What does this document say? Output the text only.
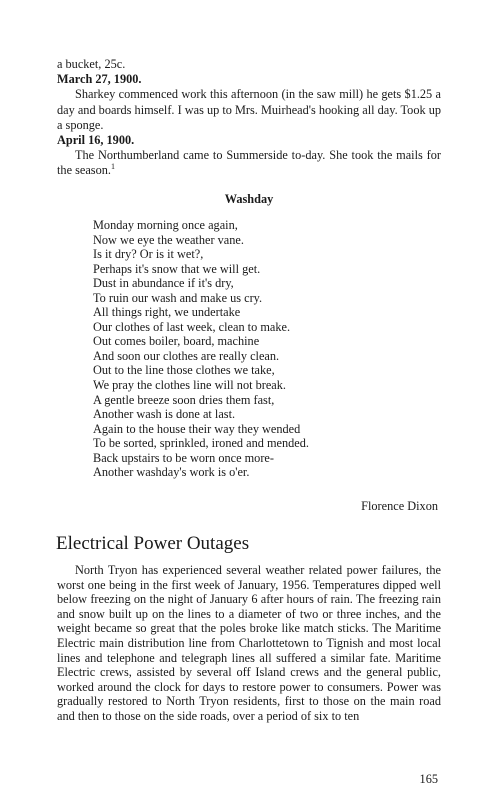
a bucket, 25c.

March 27, 1900.

Sharkey commenced work this afternoon (in the saw mill) he gets $1.25 a day and boards himself. I was up to Mrs. Muirhead's hooking all day. Took up a sponge.

April 16, 1900.

The Northumberland came to Summerside to-day. She took the mails for the season.$^1$

Washday
Monday morning once again,
Now we eye the weather vane.
Is it dry? Or is it wet?,
Perhaps it's snow that we will get.
Dust in abundance if it's dry,
To ruin our wash and make us cry.
All things right, we undertake
Our clothes of last week, clean to make.
Out comes boiler, board, machine
And soon our clothes are really clean.
Out to the line those clothes we take,
We pray the clothes line will not break.
A gentle breeze soon dries them fast,
Another wash is done at last.
Again to the house their way they wended
To be sorted, sprinkled, ironed and mended.
Back upstairs to be worn once more-
Another washday's work is o'er.
Florence Dixon
Electrical Power Outages

North Tryon has experienced several weather related power failures, the worst one being in the first week of January, 1956. Temperatures dipped well below freezing on the night of January 6 after hours of rain. The freezing rain and snow built up on the lines to a diameter of two or three inches, and the weight became so great that the poles broke like match sticks. The Maritime Electric main distribution line from Charlottetown to Tignish and most local lines and telephone and telegraph lines all suffered a similar fate. Maritime Electric crews, assisted by several off Island crews and the general public, worked around the clock for days to restore power to consumers. Power was gradually restored to North Tryon residents, first to those on the main road and then to those on the side roads, over a period of six to ten

165
